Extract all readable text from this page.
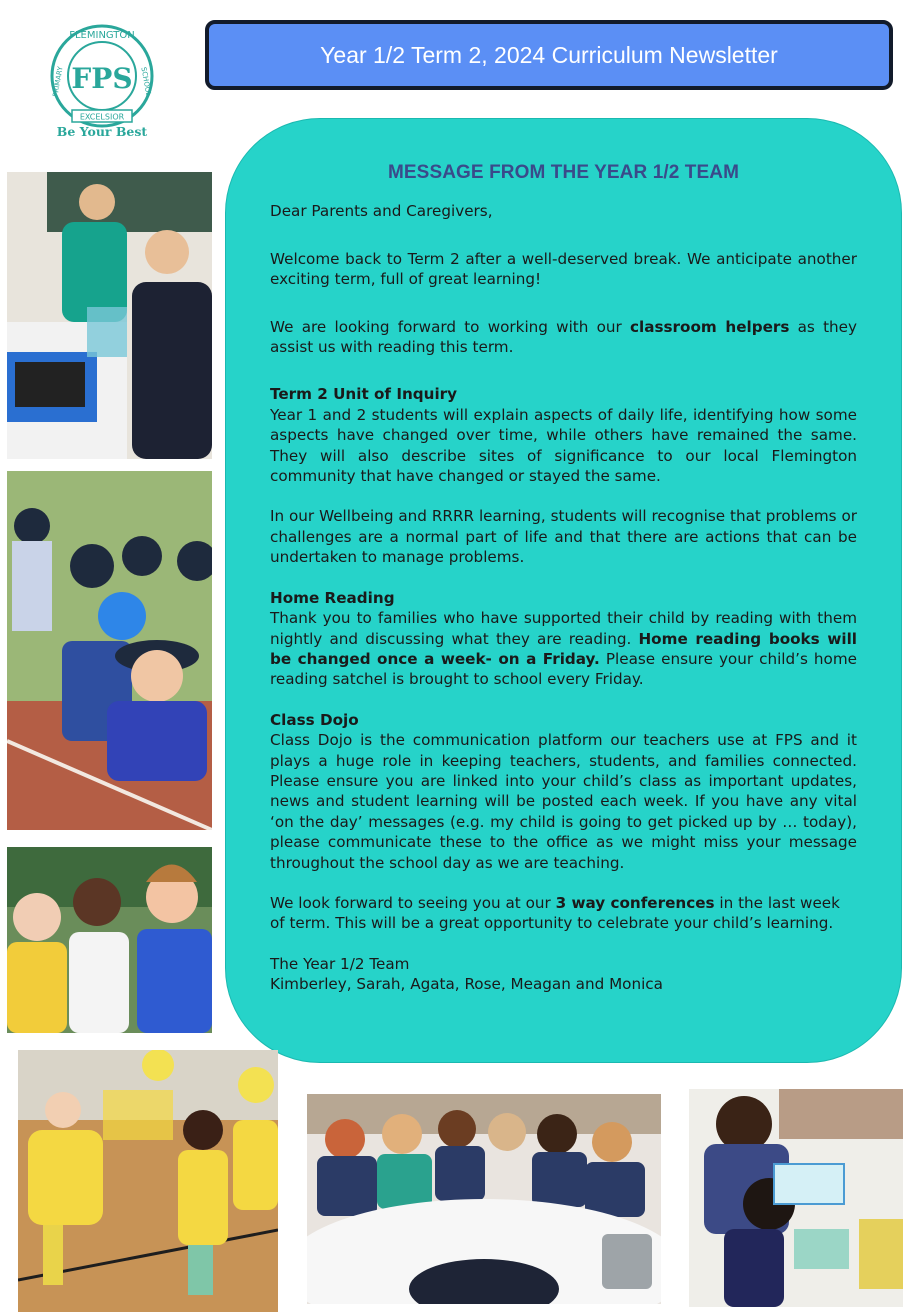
FLEMINGTON
PRIMARY	SCHOOL
EXCELSIOR
FPS
Be Your Best
Year 1/2 Term 2, 2024 Curriculum Newsletter
MESSAGE FROM THE YEAR 1/2 TEAM

Dear Parents and Caregivers,

Welcome back to Term 2 after a well-deserved break. We anticipate another exciting term, full of great learning!

We are looking forward to working with our classroom helpers as they assist us with reading this term.

Term 2 Unit of Inquiry

Year 1 and 2 students will explain aspects of daily life, identifying how some aspects have changed over time, while others have remained the same. They will also describe sites of significance to our local Flemington community that have changed or stayed the same.

In our Wellbeing and RRRR learning, students will recognise that problems or challenges are a normal part of life and that there are actions that can be undertaken to manage problems.

Home Reading

Thank you to families who have supported their child by reading with them nightly and discussing what they are reading. Home reading books will be changed once a week- on a Friday. Please ensure your child’s home reading satchel is brought to school every Friday.

Class Dojo

Class Dojo is the communication platform our teachers use at FPS and it plays a huge role in keeping teachers, students, and families connected. Please ensure you are linked into your child’s class as important updates, news and student learning will be posted each week. If you have any vital ‘on the day’ messages (e.g. my child is going to get picked up by … today), please communicate these to the office as we might miss your message throughout the school day as we are teaching.

We look forward to seeing you at our 3 way conferences in the last week of term. This will be a great opportunity to celebrate your child’s learning.

The Year 1/2 Team

Kimberley, Sarah, Agata, Rose, Meagan and Monica
